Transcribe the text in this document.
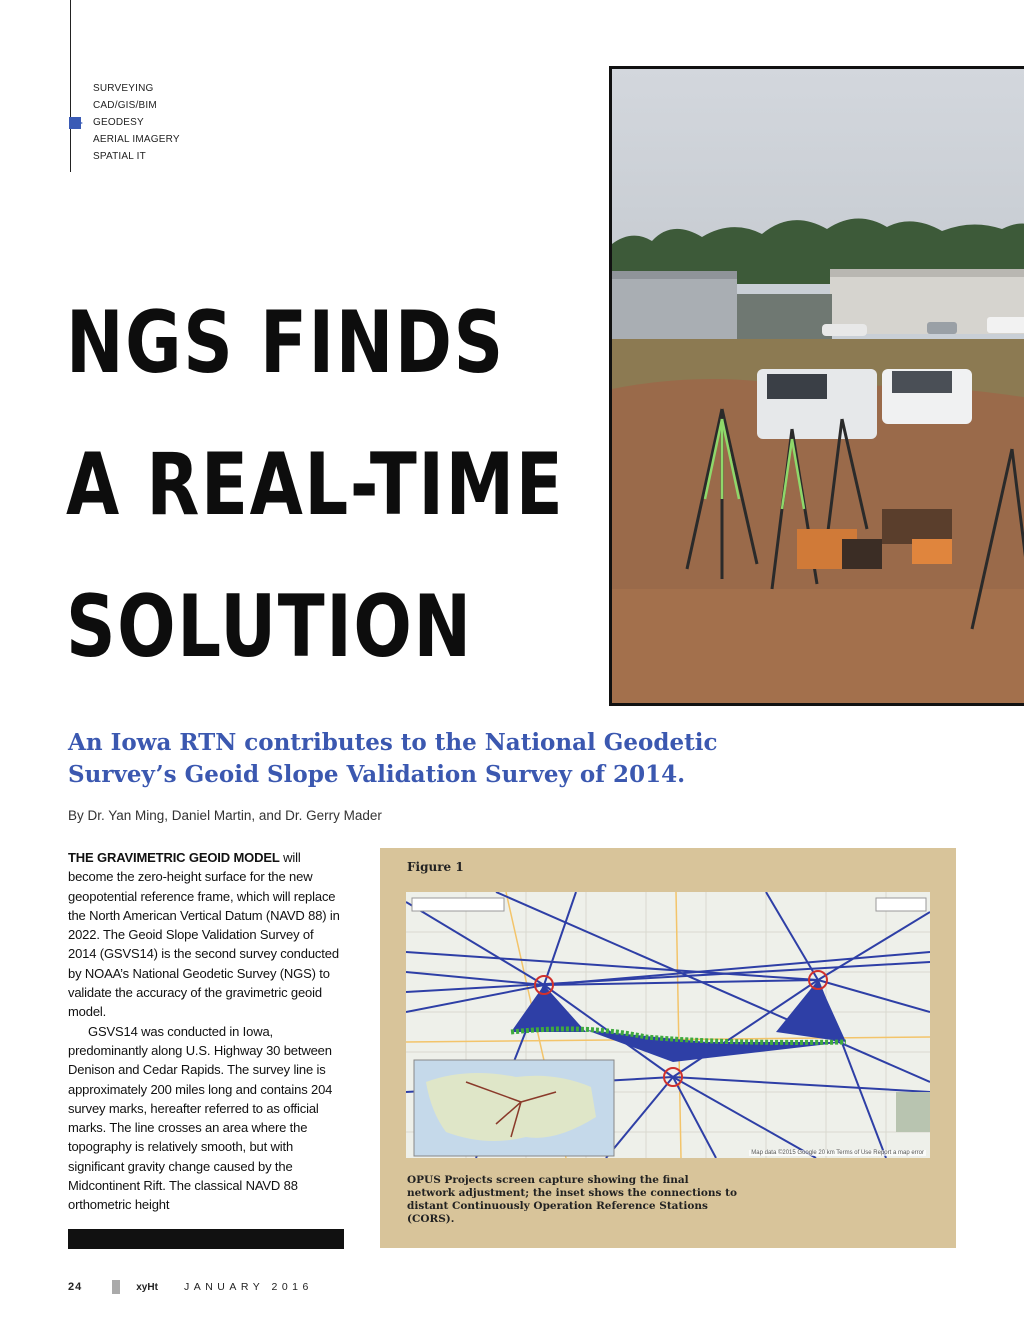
SURVEYING
CAD/GIS/BIM
GEODESY
AERIAL IMAGERY
SPATIAL IT
NGS FINDS
A REAL-TIME
SOLUTION
An Iowa RTN contributes to the National Geodetic
Survey’s Geoid Slope Validation Survey of 2014.
By Dr. Yan Ming, Daniel Martin, and Dr. Gerry Mader

THE GRAVIMETRIC GEOID MODEL will become the zero-height surface for the new geopotential reference frame, which will replace the North American Vertical Datum (NAVD 88) in 2022. The Geoid Slope Validation Survey of 2014 (GSVS14) is the second survey conducted by NOAA’s National Geodetic Survey (NGS) to validate the accuracy of the gravimetric geoid model.

GSVS14 was conducted in Iowa, predominantly along U.S. Highway 30 between Denison and Cedar Rapids. The survey line is approximately 200 miles long and contains 204 survey marks, hereafter referred to as official marks. The line crosses an area where the topography is relatively smooth, but with significant gravity change caused by the Midcontinent Rift. The classical NAVD 88 orthometric height

Figure 1
Map data ©2015 Google 20 km Terms of Use Report a map error
OPUS Projects screen capture showing the final network adjustment; the inset shows the connections to distant Continuously Operation Reference Stations (CORS).
24	xyHt JANUARY 2016
